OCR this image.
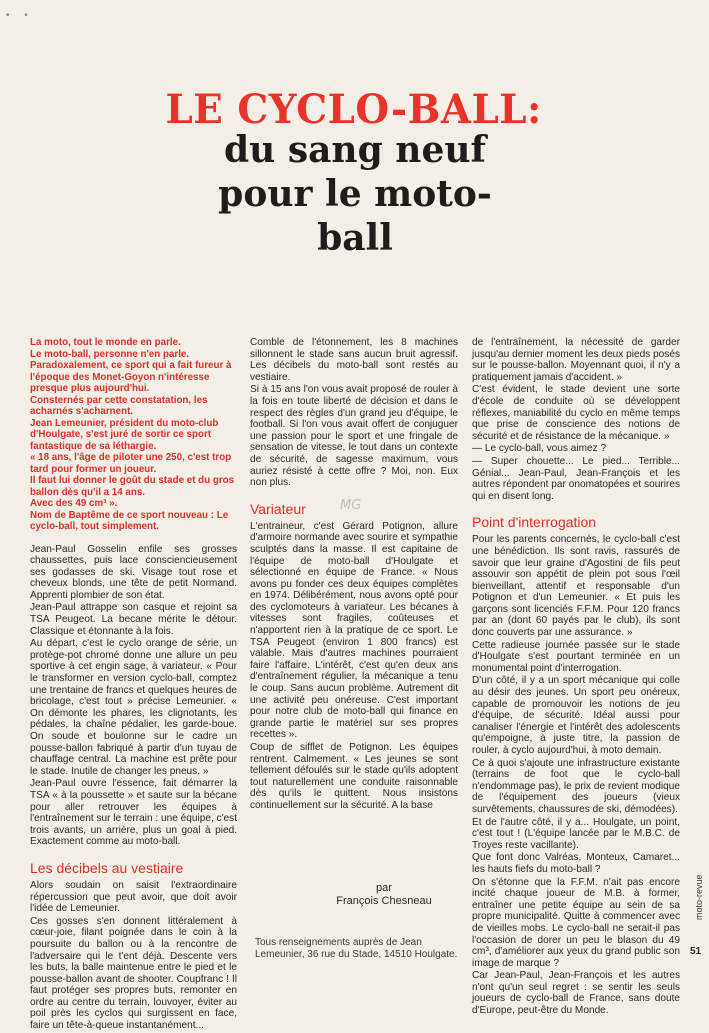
• •
LE CYCLO-BALL:
du sang neuf pour le moto-ball
MG

La moto, tout le monde en parle.
Le moto-ball, personne n'en parle.
Paradoxalement, ce sport qui a fait fureur à l'époque des Monet-Goyon n'intéresse presque plus aujourd'hui.
Consternés par cette constatation, les acharnés s'acharnent.
Jean Lemeunier, président du moto-club d'Houlgate, s'est juré de sortir ce sport fantastique de sa léthargie.
« 18 ans, l'âge de piloter une 250, c'est trop tard pour former un joueur.
Il faut lui donner le goût du stade et du gros ballon dès qu'il a 14 ans.
Avec des 49 cm³ ».
Nom de Baptême de ce sport nouveau : Le cyclo-ball, tout simplement.

Jean-Paul Gosselin enfile ses grosses chaussettes, puis lace consciencieusement ses godasses de ski. Visage tout rose et cheveux blonds, une tête de petit Normand. Apprenti plombier de son état.

Jean-Paul attrappe son casque et rejoint sa TSA Peugeot. La becane mérite le détour. Classique et étonnante à la fois.

Au départ, c'est le cyclo orange de série, un protège-pot chromé donne une allure un peu sportive à cet engin sage, à variateur. « Pour le transformer en version cyclo-ball, comptez une trentaine de francs et quelques heures de bricolage, c'est tout » précise Lemeunier. « On démonte les phares, les clignotants, les pédales, la chaîne pédalier, les garde-boue. On soude et boulonne sur le cadre un pousse-ballon fabriqué à partir d'un tuyau de chauffage central. La machine est prête pour le stade. Inutile de changer les pneus. »

Jean-Paul ouvre l'essence, fait démarrer la TSA « à la poussette » et saute sur la bécane pour aller retrouver les équipes à l'entraînement sur le terrain : une équipe, c'est trois avants, un arrière, plus un goal à pied. Exactement comme au moto-ball.

Les décibels au vestiaire

Alors soudain on saisit l'extraordinaire répercussion que peut avoir, que doit avoir l'idée de Lemeunier.

Ces gosses s'en donnent littéralement à cœur-joie, filant poignée dans le coin à la poursuite du ballon ou à la rencontre de l'adversaire qui le t'ent déjà. Descente vers les buts, la balle maintenue entre le pied et le pousse-ballon avant de shooter. Coupfranc ! Il faut protéger ses propres buts, remonter en ordre au centre du terrain, louvoyer, éviter au poil près les cyclos qui surgissent en face, faire un tête-à-queue instantanément...

Comble de l'étonnement, les 8 machines sillonnent le stade sans aucun bruit agressif. Les décibels du moto-ball sont restés au vestiaire.

Si à 15 ans l'on vous avait proposé de rouler à la fois en toute liberté de décision et dans le respect des règles d'un grand jeu d'équipe, le football. Si l'on vous avait offert de conjuguer une passion pour le sport et une fringale de sensation de vitesse, le tout dans un contexte de sécurité, de sagesse maximum, vous auriez résisté à cette offre ? Moi, non. Eux non plus.

Variateur

L'entraineur, c'est Gérard Potignon, allure d'armoire normande avec sourire et sympathie sculptés dans la masse. Il est capitaine de l'équipe de moto-ball d'Houlgate et sélectionné en équipe de France. « Nous avons pu fonder ces deux équipes complètes en 1974. Délibérément, nous avons opté pour des cyclomoteurs à variateur. Les bécanes à vitesses sont fragiles, coûteuses et n'apportent rien à la pratique de ce sport. Le TSA Peugeot (environ 1 800 francs) est valable. Mais d'autres machines pourraient faire l'affaire. L'intérêt, c'est qu'en deux ans d'entraînement régulier, la mécanique a tenu le coup. Sans aucun problème. Autrement dit une activité peu onéreuse. C'est important pour notre club de moto-ball qui finance en grande partie le matériel sur ses propres recettes ».

Coup de sifflet de Potignon. Les équipes rentrent. Calmement. « Les jeunes se sont tellement défoulés sur le stade qu'ils adoptent tout naturellement une conduite raisonnable dès qu'ils le quittent. Nous insistons continuellement sur la sécurité. A la base

de l'entraînement, la nécessité de garder jusqu'au dernier moment les deux pieds posés sur le pousse-ballon. Moyennant quoi, il n'y a pratiquement jamais d'accident. »

C'est évident, le stade devient une sorte d'école de conduite où se développent réflexes, maniabilité du cyclo en même temps que prise de conscience des notions de sécurité et de résistance de la mécanique. »

— Le cyclo-ball, vous aimez ?

— Super chouette... Le pied... Terrible... Génial... Jean-Paul, Jean-François et les autres répondent par onomatopées et sourires qui en disent long.

Point d'interrogation

Pour les parents concernés, le cyclo-ball c'est une bénédiction. Ils sont ravis, rassurés de savoir que leur graine d'Agostini de fils peut assouvir son appétit de plein pot sous l'œil bienveillant, attentif et responsable d'un Potignon et d'un Lemeunier. « Et puis les garçons sont licenciés F.F.M. Pour 120 francs par an (dont 60 payés par le club), ils sont donc couverts par une assurance. »

Cette radieuse journée passée sur le stade d'Houlgate s'est pourtant terminée en un monumental point d'interrogation.

D'un côté, il y a un sport mécanique qui colle au désir des jeunes. Un sport peu onéreux, capable de promouvoir les notions de jeu d'équipe, de sécurité. Idéal aussi pour canaliser l'énergie et l'intérêt des adolescents qu'empoigne, à juste titre, la passion de rouler, à cyclo aujourd'hui, à moto demain.

Ce à quoi s'ajoute une infrastructure existante (terrains de foot que le cyclo-ball n'endommage pas), le prix de revient modique de l'équipement des joueurs (vieux survêtements, chaussures de ski, démodées).

Et de l'autre côté, il y a... Houlgate, un point, c'est tout ! (L'équipe lancée par le M.B.C. de Troyes reste vacillante).

Que font donc Valréas, Monteux, Camaret... les hauts fiefs du moto-ball ?

On s'étonne que la F.F.M. n'ait pas encore incité chaque joueur de M.B. à former, entraîner une petite équipe au sein de sa propre municipalité. Quitte à commencer avec de vieilles mobs. Le cyclo-ball ne serait-il pas l'occasion de dorer un peu le blason du 49 cm³, d'améliorer aux yeux du grand public son image de marque ?

Car Jean-Paul, Jean-François et les autres n'ont qu'un seul regret : se sentir les seuls joueurs de cyclo-ball de France, sans doute d'Europe, peut-être du Monde.

par
François Chesneau
Tous renseignements auprès de Jean Lemeunier, 36 rue du Stade, 14510 Houlgate.
moto-revue
51
